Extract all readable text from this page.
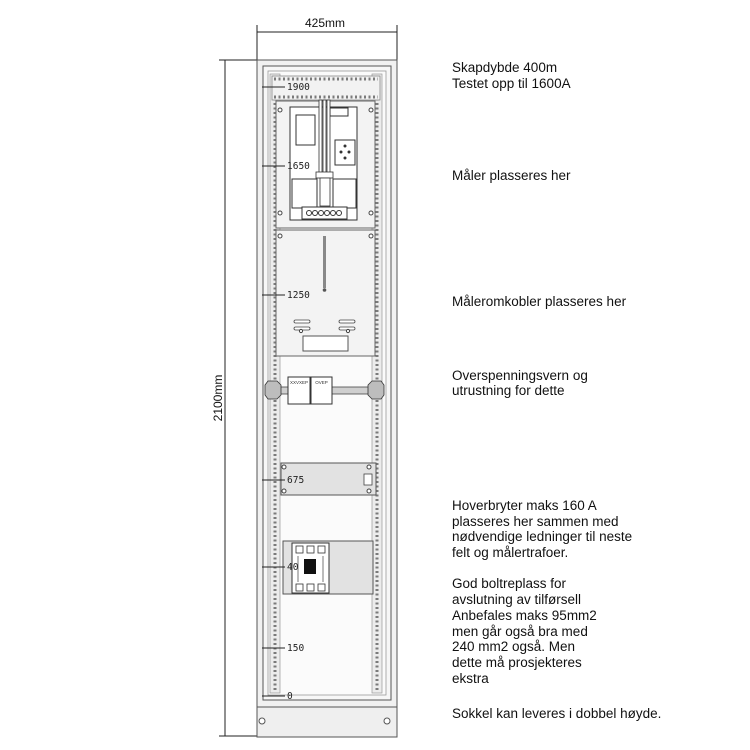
425mm
2100mm	XXVXEP OVEP
1900
1650
1250
675
40
150
0
Skapdybde 400m
Testet opp til 1600A
Måler plasseres her
Måleromkobler plasseres her
Overspenningsvern og
utrustning for dette
Hoverbryter maks 160 A
plasseres her sammen med
nødvendige ledninger til neste
felt og målertrafoer.
God boltreplass for
avslutning av tilførsell
Anbefales maks 95mm2
men går også bra med
240 mm2 også. Men
dette må prosjekteres
ekstra
Sokkel kan leveres i dobbel høyde.
